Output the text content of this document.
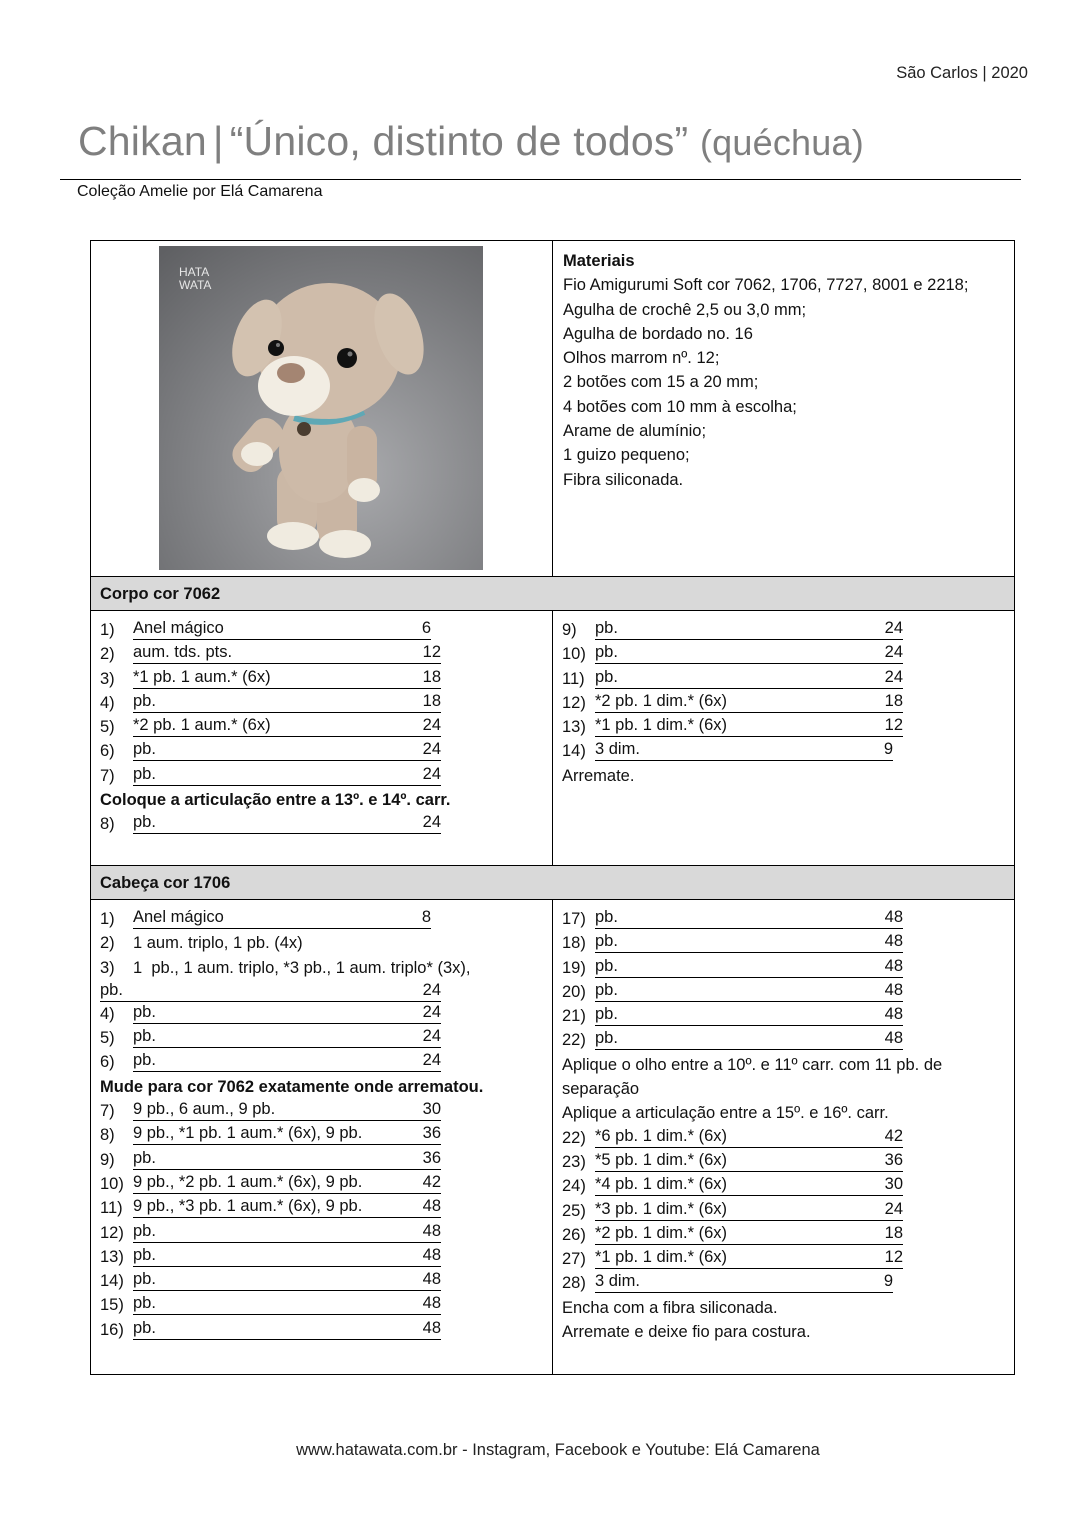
São Carlos | 2020
Chikan | “Único, distinto de todos” (quéchua)
Coleção Amelie por Elá Camarena
HATA
WATA
Materiais
Fio Amigurumi Soft cor 7062, 1706, 7727, 8001 e 2218;
Agulha de crochê 2,5 ou 3,0 mm;
Agulha de bordado no. 16
Olhos marrom nº. 12;
2 botões com 15 a 20 mm;
4 botões com 10 mm à escolha;
Arame de alumínio;
1 guizo pequeno;
Fibra siliconada.
Corpo cor 7062
1)	Anel mágico	6
2)	aum. tds. pts.	12
3)	*1 pb. 1 aum.* (6x)	18
4)	pb.	18
5)	*2 pb. 1 aum.* (6x)	24
6)	pb.	24
7)	pb.	24
Coloque a articulação entre a 13º. e 14º. carr.
8)	pb.	24
9)	pb.	24
10) pb.	24
11) pb.	24
12) *2 pb. 1 dim.* (6x)	18
13) *1 pb. 1 dim.* (6x)	12
14) 3 dim.	9
Arremate.
Cabeça cor 1706
1)	Anel mágico	8
2)	1 aum. triplo, 1 pb. (4x)
3)	1  pb., 1 aum. triplo, *3 pb., 1 aum. triplo* (3x),
pb.	24
4)	pb.	24
5)	pb.	24
6)	pb.	24
Mude para cor 7062 exatamente onde arrematou.
7)	9 pb., 6 aum., 9 pb.	30
8)	9 pb., *1 pb. 1 aum.* (6x), 9 pb.	36
9)	pb.	36
10) 9 pb., *2 pb. 1 aum.* (6x), 9 pb.	42
11) 9 pb., *3 pb. 1 aum.* (6x), 9 pb.	48
12) pb.	48
13) pb.	48
14) pb.	48
15) pb.	48
16) pb.	48
17) pb.	48
18) pb.	48
19) pb.	48
20) pb.	48
21) pb.	48
22) pb.	48
Aplique o olho entre a 10º. e 11º carr. com 11 pb. de separação
Aplique a articulação entre a 15º. e 16º. carr.
22) *6 pb. 1 dim.* (6x)	42
23) *5 pb. 1 dim.* (6x)	36
24) *4 pb. 1 dim.* (6x)	30
25) *3 pb. 1 dim.* (6x)	24
26) *2 pb. 1 dim.* (6x)	18
27) *1 pb. 1 dim.* (6x)	12
28) 3 dim.	9
Encha com a fibra siliconada.
Arremate e deixe fio para costura.
www.hatawata.com.br - Instagram, Facebook e Youtube: Elá Camarena
